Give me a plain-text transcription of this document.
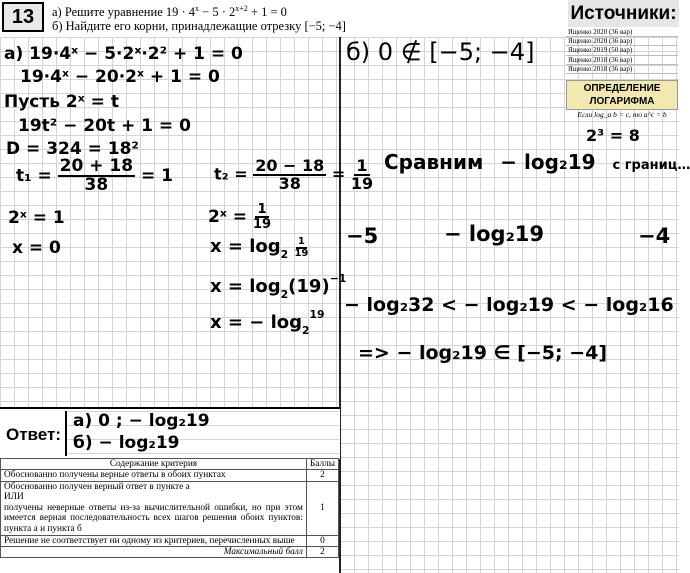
13	а) Решите уравнение $19 \cdot 4^x - 5 \cdot 2^{x+2} + 1 = 0$
б) Найдите его корни, принадлежащие отрезку [−5; −4]
Источники:
Ященко 2020 (36 вар)
Ященко 2020 (36 вар)
Ященко 2019 (50 вар)
Ященко 2018 (36 вар)
Ященко 2018 (36 вар)
ОПРЕДЕЛЕНИЕ
ЛОГАРИФМА
Если log_a b = c, то a^c = b
а) 19·4ˣ − 5·2ˣ·2² + 1 = 0
19·4ˣ − 20·2ˣ + 1 = 0
Пусть 2ˣ = t
19t² − 20t + 1 = 0
D = 324 = 18²
$t_1 = \frac{20 + 18}{38} = 1$	$t_2 = \frac{20 - 18}{38} = \frac{1}{19}$
2ˣ = 1
x = 0
2ˣ = $\frac{1}{19}$
$x = \log_2 \frac{1}{19}$
$x = \log_2(19)^{-1}$
x = − $\log_2^{19}$
б) 0 ∉ [−5; −4]
2³ = 8
Сравним − log₂19 с границ…
−5	− log₂19	−4
− log₂32 < − log₂19 < − log₂16
=> − log₂19 ∈ [−5; −4]
Ответ:
а) 0 ; − log₂19
б) − log₂19
Содержание критерия	Баллы
Обоснованно получены верные ответы в обоих пунктах	2

Обоснованно получен верный ответ в пункте а
ИЛИ
получены неверные ответы из-за вычислительной ошибки, но при этом имеется верная последовательность всех шагов решения обоих пунктов: пункта а и пункта б	1
Решение не соответствует ни одному из критериев, перечисленных выше	0
Максимальный балл	2
